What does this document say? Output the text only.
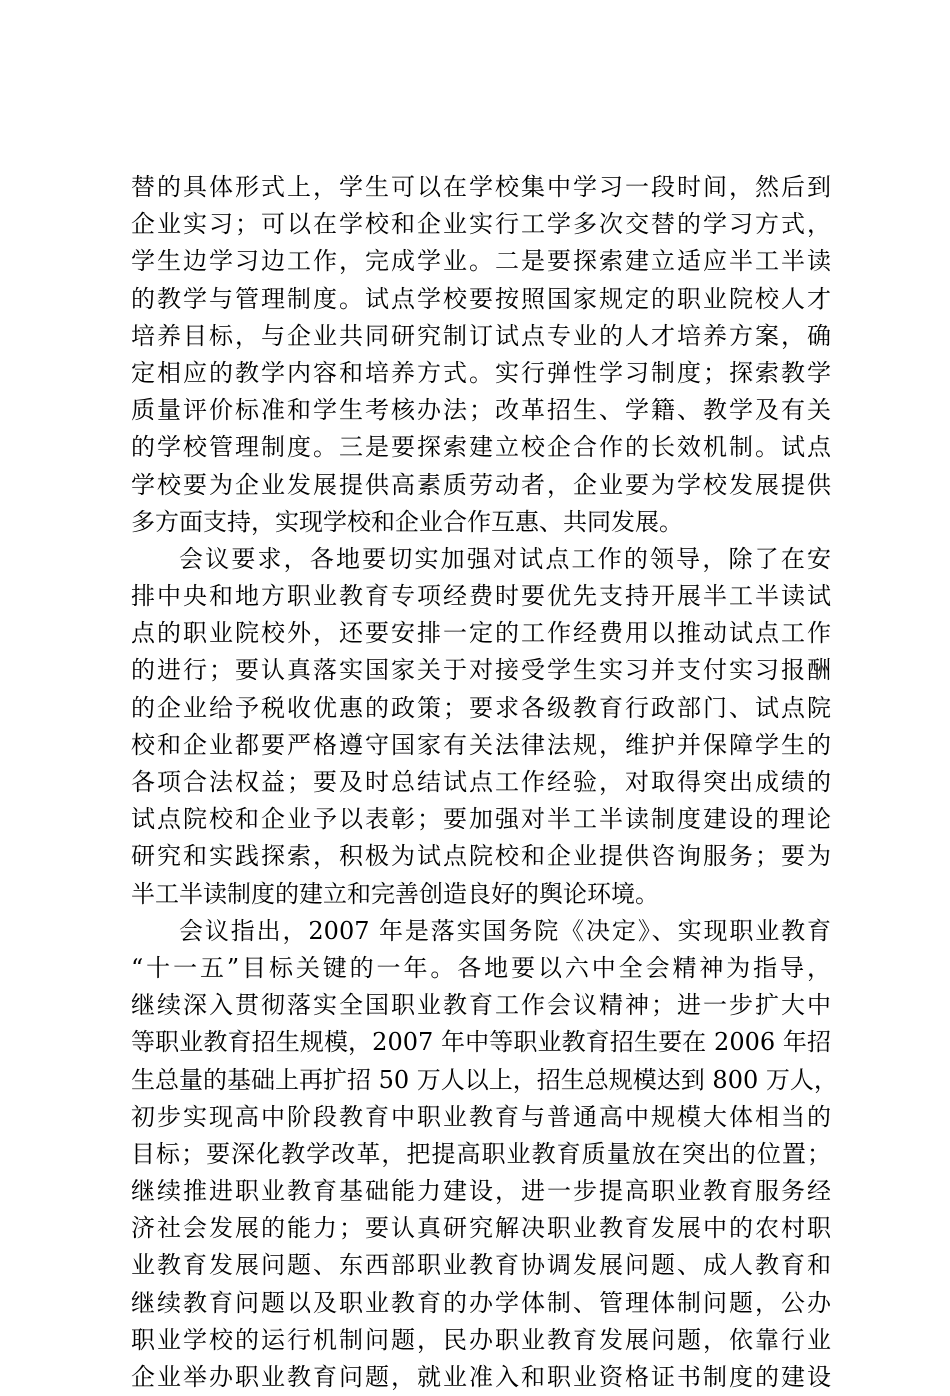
替的具体形式上，学生可以在学校集中学习一段时间，然后到
企业实习；可以在学校和企业实行工学多次交替的学习方式，
学生边学习边工作，完成学业。二是要探索建立适应半工半读
的教学与管理制度。试点学校要按照国家规定的职业院校人才
培养目标，与企业共同研究制订试点专业的人才培养方案，确
定相应的教学内容和培养方式。实行弹性学习制度；探索教学
质量评价标准和学生考核办法；改革招生、学籍、教学及有关
的学校管理制度。三是要探索建立校企合作的长效机制。试点
学校要为企业发展提供高素质劳动者，企业要为学校发展提供
多方面支持，实现学校和企业合作互惠、共同发展。
会议要求，各地要切实加强对试点工作的领导，除了在安
排中央和地方职业教育专项经费时要优先支持开展半工半读试
点的职业院校外，还要安排一定的工作经费用以推动试点工作
的进行；要认真落实国家关于对接受学生实习并支付实习报酬
的企业给予税收优惠的政策；要求各级教育行政部门、试点院
校和企业都要严格遵守国家有关法律法规，维护并保障学生的
各项合法权益；要及时总结试点工作经验，对取得突出成绩的
试点院校和企业予以表彰；要加强对半工半读制度建设的理论
研究和实践探索，积极为试点院校和企业提供咨询服务；要为
半工半读制度的建立和完善创造良好的舆论环境。
会议指出，2007 年是落实国务院《决定》、实现职业教育
“十一五”目标关键的一年。各地要以六中全会精神为指导，
继续深入贯彻落实全国职业教育工作会议精神；进一步扩大中
等职业教育招生规模，2007 年中等职业教育招生要在 2006 年招
生总量的基础上再扩招 50 万人以上，招生总规模达到 800 万人，
初步实现高中阶段教育中职业教育与普通高中规模大体相当的
目标；要深化教学改革，把提高职业教育质量放在突出的位置；
继续推进职业教育基础能力建设，进一步提高职业教育服务经
济社会发展的能力；要认真研究解决职业教育发展中的农村职
业教育发展问题、东西部职业教育协调发展问题、成人教育和
继续教育问题以及职业教育的办学体制、管理体制问题，公办
职业学校的运行机制问题，民办职业教育发展问题，依靠行业
企业举办职业教育问题，就业准入和职业资格证书制度的建设
